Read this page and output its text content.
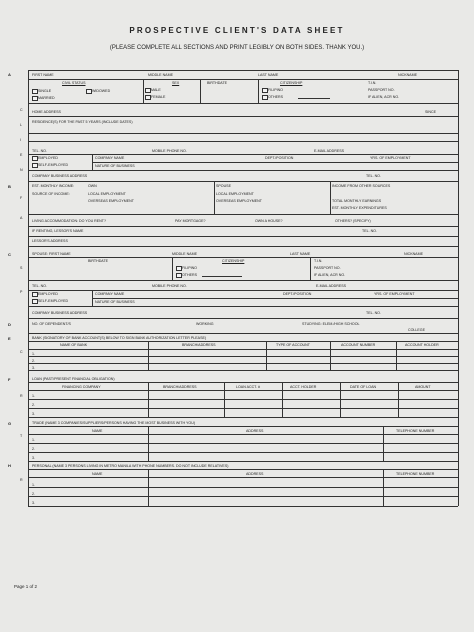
PROSPECTIVE CLIENT'S DATA SHEET
(PLEASE COMPLETE ALL SECTIONS AND PRINT LEGIBLY ON BOTH SIDES. THANK YOU.)
A
B
C
D
E
F
G
H
C
L
I
E
N
F
A
S
P
C
R
T
R
FIRST NAME	MIDDLE NAME	LAST NAME	NICKNAME
CIVIL STATUS
SINGLE	WIDOWED
MARRIED
SEX
MALE
FEMALE
BIRTHDATE	CITIZENSHIP
FILIPINO
OTHERS
T.I.N.
PASSPORT NO.
IF ALIEN, ACR NO.
HOME ADDRESS	SINCE
RESIDENCE(S) FOR THE PAST 5 YEARS (INCLUDE DATES)
TEL. NO.	MOBILE PHONE NO.	E-MAIL ADDRESS
EMPLOYED
SELF-EMPLOYED
COMPANY NAME	DEPT./POSITION	YRS. OF EMPLOYMENT
NATURE OF BUSINESS
COMPANY BUSINESS ADDRESS	TEL. NO.
EST. MONTHLY INCOME:	OWN	SPOUSE	INCOME FROM OTHER SOURCES
SOURCE OF INCOME:	LOCAL EMPLOYMENT
OVERSEAS EMPLOYMENT
LOCAL EMPLOYMENT
OVERSEAS EMPLOYMENT	TOTAL MONTHLY EARNINGS
EST. MONTHLY EXPENDITURES
LIVING ACCOMMODATION: DO YOU RENT?	PAY MORTGAGE?	OWN A HOUSE?	OTHERS? (SPECIFY)
IF RENTING, LESSOR'S NAME	TEL. NO.
LESSOR'S ADDRESS
SPOUSE: FIRST NAME	MIDDLE NAME	LAST NAME	NICKNAME
BIRTHDATE	CITIZENSHIP
FILIPINO
OTHERS
T.I.N.
PASSPORT NO.
IF ALIEN, ACR NO.
TEL. NO.	MOBILE PHONE NO.	E-MAIL ADDRESS
EMPLOYED
SELF-EMPLOYED
COMPANY NAME	DEPT./POSITION	YRS. OF EMPLOYMENT
NATURE OF BUSINESS
COMPANY BUSINESS ADDRESS	TEL. NO.
NO. OF DEPENDENT/S	WORKING	STUDYING: ELEM./HIGH SCHOOL
COLLEGE
BANK (SIGNATORY OF BANK ACCOUNT(S) BELOW TO SIGN BANK AUTHORIZATION LETTER PLEASE)
NAME OF BANK	BRANCH/ADDRESS	TYPE OF ACCOUNT	ACCOUNT NUMBER	ACCOUNT HOLDER
1.
2.
3.
LOAN (PAST/PRESENT FINANCIAL OBLIGATION)
FINANCING COMPANY	BRANCH/ADDRESS	LOAN ACCT. #	ACCT. HOLDER	DATE OF LOAN	AMOUNT
1.
2.
3.
TRADE (NAME 3 COMPANIES/SUPPLIERS/PERSONS HAVING THE MOST BUSINESS WITH YOU)
NAME	ADDRESS	TELEPHONE NUMBER
1.
2.
3.
PERSONAL (NAME 3 PERSONS LIVING IN METRO MANILA WITH PHONE NUMBERS. DO NOT INCLUDE RELATIVES)
NAME	ADDRESS	TELEPHONE NUMBER
1.
2.
3.
Page 1 of 2
